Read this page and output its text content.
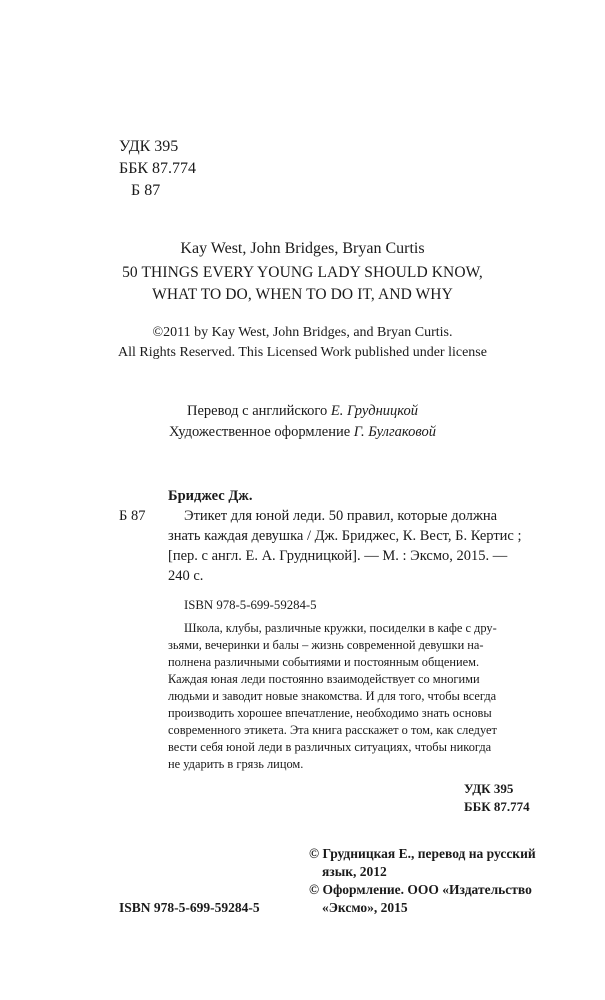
УДК 395
ББК 87.774
Б 87
Kay West, John Bridges, Bryan Curtis
50 THINGS EVERY YOUNG LADY SHOULD KNOW,
WHAT TO DO, WHEN TO DO IT, AND WHY
©2011 by Kay West, John Bridges, and Bryan Curtis.
All Rights Reserved. This Licensed Work published under license
Перевод с английского Е. Грудницкой
Художественное оформление Г. Булгаковой
Бриджес Дж.
Б 87	Этикет для юной леди. 50 правил, которые должна
знать каждая девушка / Дж. Бриджес, К. Вест, Б. Кертис ;
[пер. с англ. Е. А. Грудницкой]. — М. : Эксмо, 2015. —
240 с.
ISBN 978-5-699-59284-5
Школа, клубы, различные кружки, посиделки в кафе с дру-
зьями, вечеринки и балы – жизнь современной девушки на-
полнена различными событиями и постоянным общением.
Каждая юная леди постоянно взаимодействует со многими
людьми и заводит новые знакомства. И для того, чтобы всегда
производить хорошее впечатление, необходимо знать основы
современного этикета. Эта книга расскажет о том, как следует
вести себя юной леди в различных ситуациях, чтобы никогда
не ударить в грязь лицом.
УДК 395
ББК 87.774
© Грудницкая Е., перевод на русский
язык, 2012
© Оформление. ООО «Издательство
«Эксмо», 2015
ISBN 978-5-699-59284-5
